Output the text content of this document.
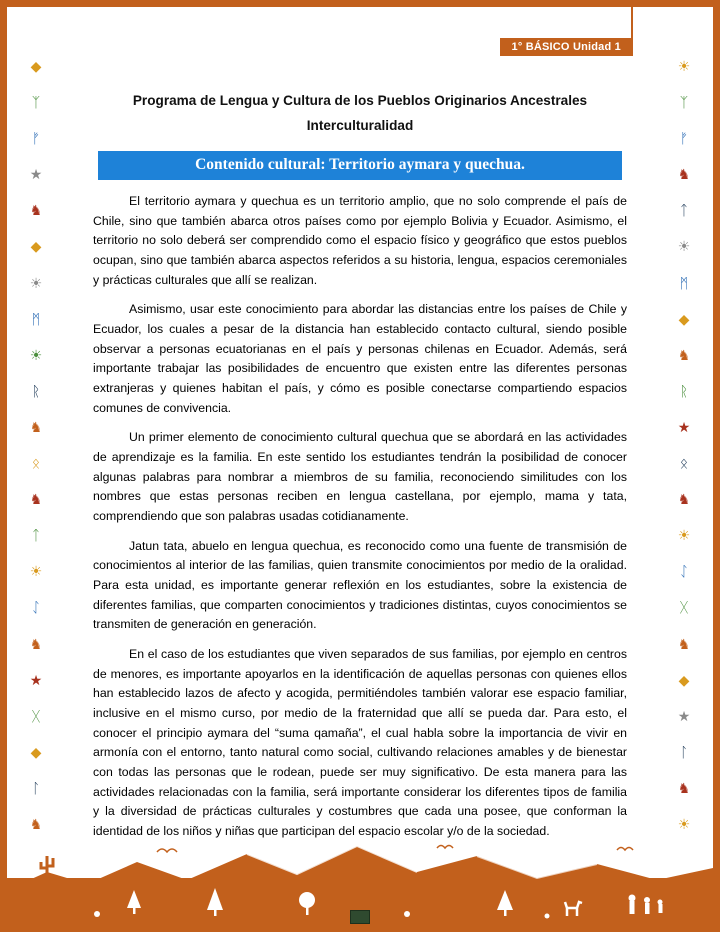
1° BÁSICO Unidad 1
◆
ᛉ
ᚠ
★
♞
◆
☀
ᛗ
☀
ᚱ
♞
ᛟ
♞
ᛏ
☀
ᛇ
♞
★
ᚷ
◆
ᛚ
♞
☀
ᛉ
ᚠ
♞
ᛏ
☀
ᛗ
◆
♞
ᚱ
★
ᛟ
♞
☀
ᛇ
ᚷ
♞
◆
★
ᛚ
♞
☀
Programa de Lengua y Cultura de los Pueblos Originarios Ancestrales
Interculturalidad
Contenido cultural: Territorio aymara y quechua.

El territorio aymara y quechua es un territorio amplio, que no solo comprende el país de Chile, sino que también abarca otros países como por ejemplo Bolivia y Ecuador. Asimismo, el territorio no solo deberá ser comprendido como el espacio físico y geográfico que estos pueblos ocupan, sino que también abarca aspectos referidos a su historia, lengua, espacios ceremoniales y prácticas culturales que allí se realizan.

Asimismo, usar este conocimiento para abordar las distancias entre los países de Chile y Ecuador, los cuales a pesar de la distancia han establecido contacto cultural, siendo posible observar a personas ecuatorianas en el país y personas chilenas en Ecuador. Además, será importante trabajar las posibilidades de encuentro que existen entre las diferentes personas extranjeras y quienes habitan el país, y cómo es posible conectarse compartiendo espacios comunes de convivencia.

Un primer elemento de conocimiento cultural quechua que se abordará en las actividades de aprendizaje es la familia. En este sentido los estudiantes tendrán la posibilidad de conocer algunas palabras para nombrar a miembros de su familia, reconociendo similitudes con los nombres que estas personas reciben en lengua castellana, por ejemplo, mama y tata, comprendiendo que son palabras usadas cotidianamente.

Jatun tata, abuelo en lengua quechua, es reconocido como una fuente de transmisión de conocimientos al interior de las familias, quien transmite conocimientos por medio de la oralidad. Para esta unidad, es importante generar reflexión en los estudiantes, sobre la existencia de diferentes familias, que comparten conocimientos y tradiciones distintas, cuyos conocimientos se transmiten de generación en generación.

En el caso de los estudiantes que viven separados de sus familias, por ejemplo en centros de menores, es importante apoyarlos en la identificación de aquellas personas con quienes ellos han establecido lazos de afecto y acogida, permitiéndoles también valorar ese espacio familiar, inclusive en el mismo curso, por medio de la fraternidad que allí se pueda dar. Para esto, el conocer el principio aymara del “suma qamaña”, el cual habla sobre la importancia de vivir en armonía con el entorno, tanto natural como social, cultivando relaciones amables y de bienestar con todas las personas que le rodean, puede ser muy significativo. De esta manera para las actividades relacionadas con la familia, será importante considerar los diferentes tipos de familia y la diversidad de prácticas culturales y costumbres que cada una posee, que conforman la identidad de los niños y niñas que participan del espacio escolar y/o de la sociedad.
